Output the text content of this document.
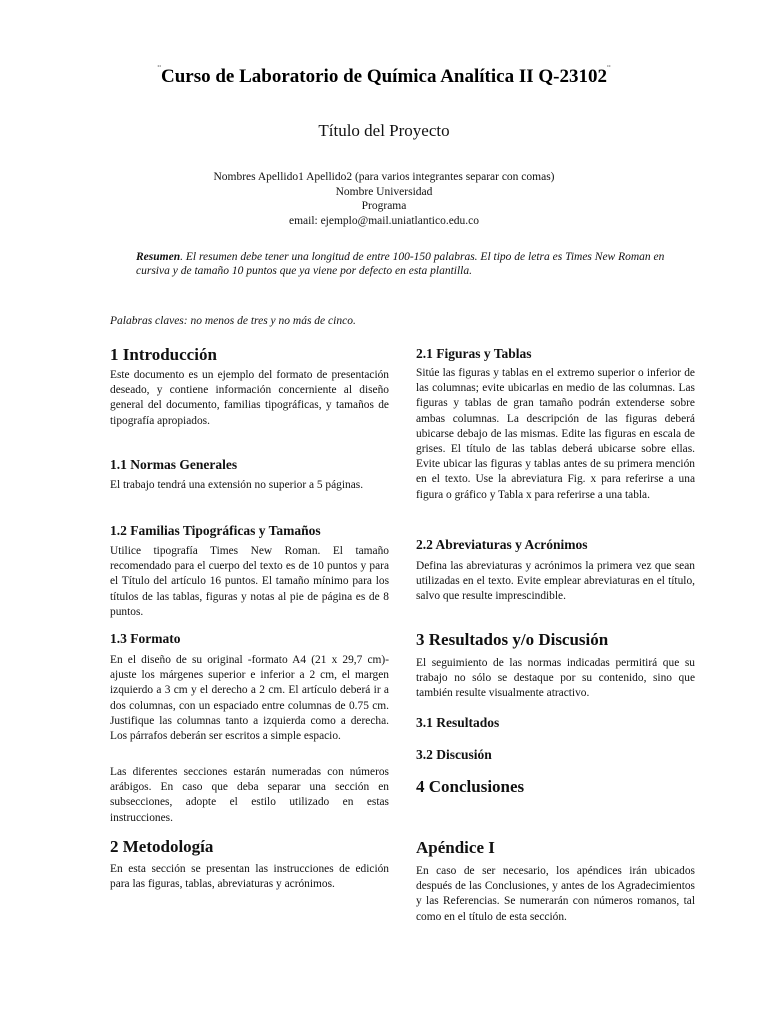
¨Curso de Laboratorio de Química Analítica II Q-23102¨
Título del Proyecto
Nombres Apellido1 Apellido2 (para varios integrantes separar con comas)
Nombre Universidad
Programa
email: ejemplo@mail.uniatlantico.edu.co
Resumen. El resumen debe tener una longitud de entre 100-150 palabras. El tipo de letra es Times New Roman en cursiva y de tamaño 10 puntos que ya viene por defecto en esta plantilla.
Palabras claves: no menos de tres y no más de cinco.
1 Introducción

Este documento es un ejemplo del formato de presentación deseado, y contiene información concerniente al diseño general del documento, familias tipográficas, y tamaños de tipografía apropiados.

1.1 Normas Generales

El trabajo tendrá una extensión no superior a 5 páginas.

1.2 Familias Tipográficas y Tamaños

Utilice tipografía Times New Roman. El tamaño recomendado para el cuerpo del texto es de 10 puntos y para el Título del artículo 16 puntos. El tamaño mínimo para los títulos de las tablas, figuras y notas al pie de página es de 8 puntos.

1.3 Formato

En el diseño de su original -formato A4 (21 x 29,7 cm)- ajuste los márgenes superior e inferior a 2 cm, el margen izquierdo a 3 cm y el derecho a 2 cm. El artículo deberá ir a dos columnas, con un espaciado entre columnas de 0.75 cm. Justifique las columnas tanto a izquierda como a derecha. Los párrafos deberán ser escritos a simple espacio.

Las diferentes secciones estarán numeradas con números arábigos. En caso que deba separar una sección en subsecciones, adopte el estilo utilizado en estas instrucciones.

2 Metodología

En esta sección se presentan las instrucciones de edición para las figuras, tablas, abreviaturas y acrónimos.

2.1 Figuras y Tablas

Sitúe las figuras y tablas en el extremo superior o inferior de las columnas; evite ubicarlas en medio de las columnas. Las figuras y tablas de gran tamaño podrán extenderse sobre ambas columnas. La descripción de las figuras deberá ubicarse debajo de las mismas. Edite las figuras en escala de grises. El título de las tablas deberá ubicarse sobre ellas. Evite ubicar las figuras y tablas antes de su primera mención en el texto. Use la abreviatura Fig. x para referirse a una figura o gráfico y Tabla x para referirse a una tabla.

2.2 Abreviaturas y Acrónimos

Defina las abreviaturas y acrónimos la primera vez que sean utilizadas en el texto. Evite emplear abreviaturas en el título, salvo que resulte imprescindible.

3 Resultados y/o Discusión

El seguimiento de las normas indicadas permitirá que su trabajo no sólo se destaque por su contenido, sino que también resulte visualmente atractivo.

3.1 Resultados
3.2 Discusión
4 Conclusiones
Apéndice I

En caso de ser necesario, los apéndices irán ubicados después de las Conclusiones, y antes de los Agradecimientos y las Referencias. Se numerarán con números romanos, tal como en el título de esta sección.
